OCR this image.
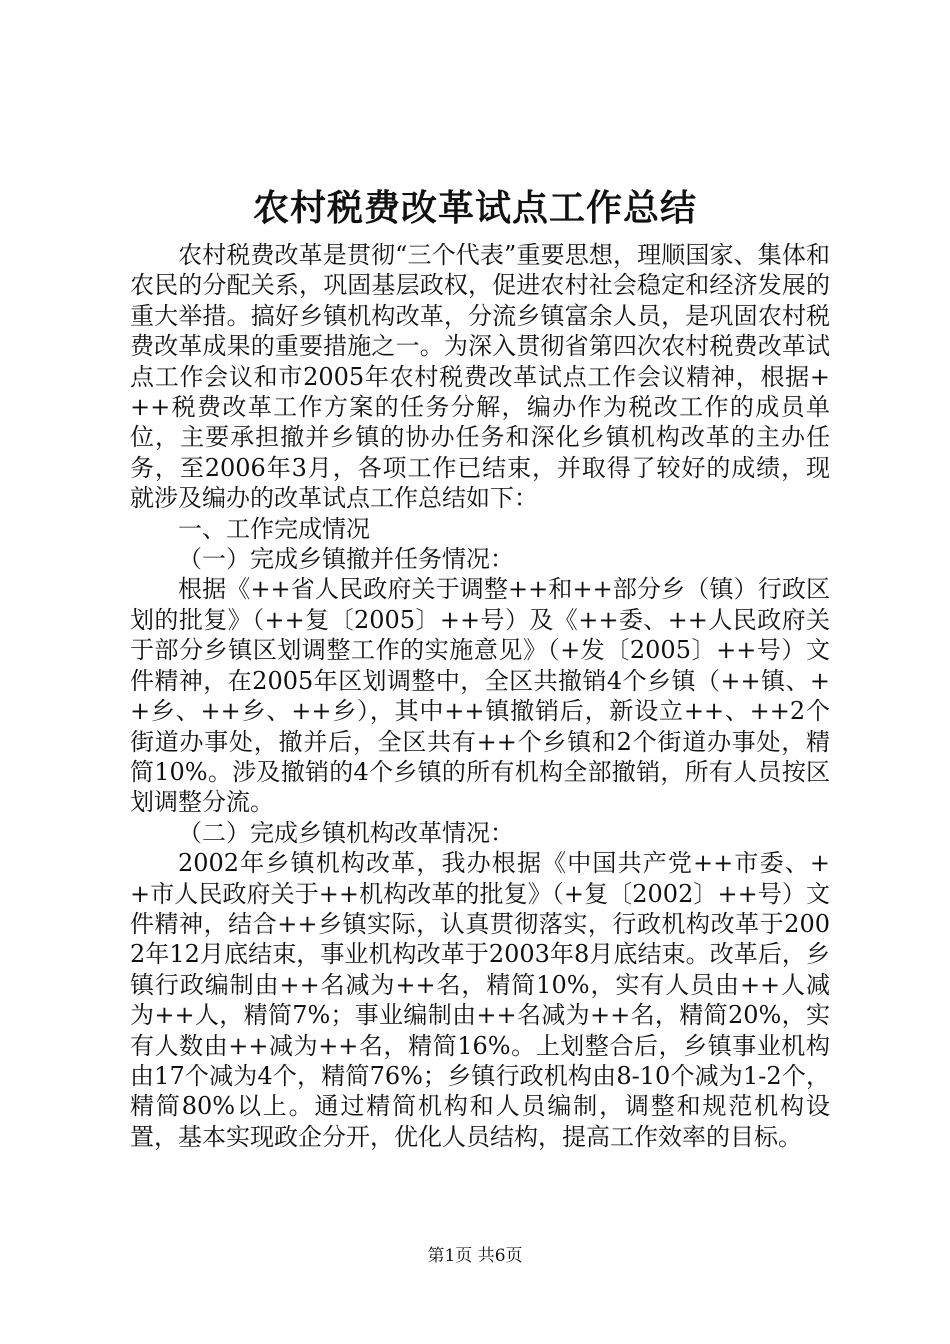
农村税费改革试点工作总结

农村税费改革是贯彻“三个代表”重要思想，理顺国家、集体和农民的分配关系，巩固基层政权，促进农村社会稳定和经济发展的重大举措。搞好乡镇机构改革，分流乡镇富余人员，是巩固农村税费改革成果的重要措施之一。为深入贯彻省第四次农村税费改革试点工作会议和市2005年农村税费改革试点工作会议精神，根据+++税费改革工作方案的任务分解，编办作为税改工作的成员单位，主要承担撤并乡镇的协办任务和深化乡镇机构改革的主办任务，至2006年3月，各项工作已结束，并取得了较好的成绩，现就涉及编办的改革试点工作总结如下：

一、工作完成情况

（一）完成乡镇撤并任务情况：

根据《++省人民政府关于调整++和++部分乡（镇）行政区划的批复》（++复〔2005〕++号）及《++委、++人民政府关于部分乡镇区划调整工作的实施意见》（+发〔2005〕++号）文件精神，在2005年区划调整中，全区共撤销4个乡镇（++镇、++乡、++乡、++乡），其中++镇撤销后，新设立++、++2个街道办事处，撤并后，全区共有++个乡镇和2个街道办事处，精简10%。涉及撤销的4个乡镇的所有机构全部撤销，所有人员按区划调整分流。

（二）完成乡镇机构改革情况：

2002年乡镇机构改革，我办根据《中国共产党++市委、++市人民政府关于++机构改革的批复》（+复〔2002〕++号）文件精神，结合++乡镇实际，认真贯彻落实，行政机构改革于2002年12月底结束，事业机构改革于2003年8月底结束。改革后，乡镇行政编制由++名减为++名，精简10%，实有人员由++人减为++人，精简7%；事业编制由++名减为++名，精简20%，实有人数由++减为++名，精简16%。上划整合后，乡镇事业机构由17个减为4个，精简76%；乡镇行政机构由8-10个减为1-2个，精简80%以上。通过精简机构和人员编制，调整和规范机构设置，基本实现政企分开，优化人员结构，提高工作效率的目标。

第1页 共6页
